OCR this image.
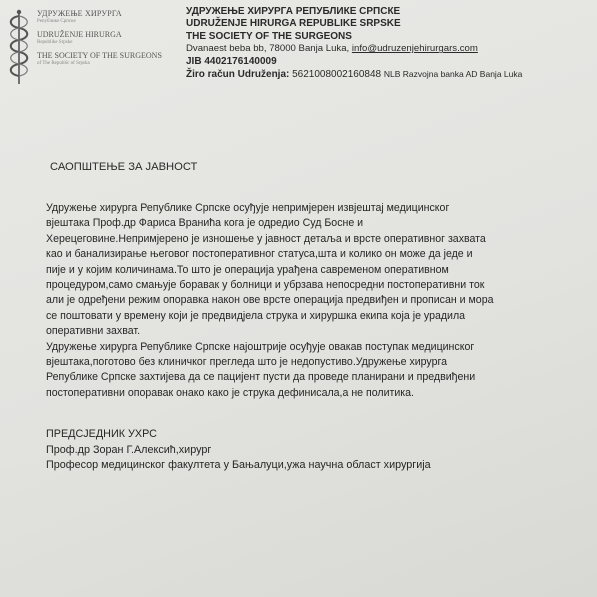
УДРУЖЕЊЕ ХИРУРГА
Републике Српске
UDRUŽENJE HIRURGA
Republike Srpske
THE SOCIETY OF THE SURGEONS
of The Republic of Srpska
УДРУЖЕЊЕ ХИРУРГА РЕПУБЛИКЕ СРПСКЕ
UDRUŽENJE HIRURGA REPUBLIKE SRPSKE
THE SOCIETY OF THE SURGEONS
Dvanaest beba bb, 78000 Banja Luka, info@udruzenjehirurgars.com
JIB 4402176140009
Žiro račun Udruženja: 5621008002160848 NLB Razvojna banka AD Banja Luka
САОПШТЕЊЕ ЗА ЈАВНОСТ
Удружење хирурга Републике Српске осуђује непримјерен извјештај медицинског
вјештака Проф.др Фариса Вранића кога је одредио Суд Босне и
Херецеговине.Непримјерено је изношење у јавност детаља и врсте оперативног захвата
као и банализирање његовог постоперативног статуса,шта и колико он може да једе и
пије и у којим количинама.То што је операција урађена савременом оперативном
процедуром,само смањује боравак у болници и убрзава непосредни постоперативни ток
али је одређени режим опоравка након ове врсте операција предвиђен и прописан и мора
се поштовати у времену који је предвидјела струка и хируршка екипа која је урадила
оперативни захват.
Удружење хирурга Републике Српске најоштрије осуђује овакав поступак медицинског
вјештака,поготово без клиничког прегледа што је недопустиво.Удружење хирурга
Републике Српске захтијева да се пацијент пусти да проведе планирани и предвиђени
постоперативни опоравак онако како је струка дефинисала,а не политика.
ПРЕДСЈЕДНИК УХРС
Проф.др Зоран Г.Алексић,хирург
Професор медицинског факултета у Бањалуци,ужа научна област хирургија
